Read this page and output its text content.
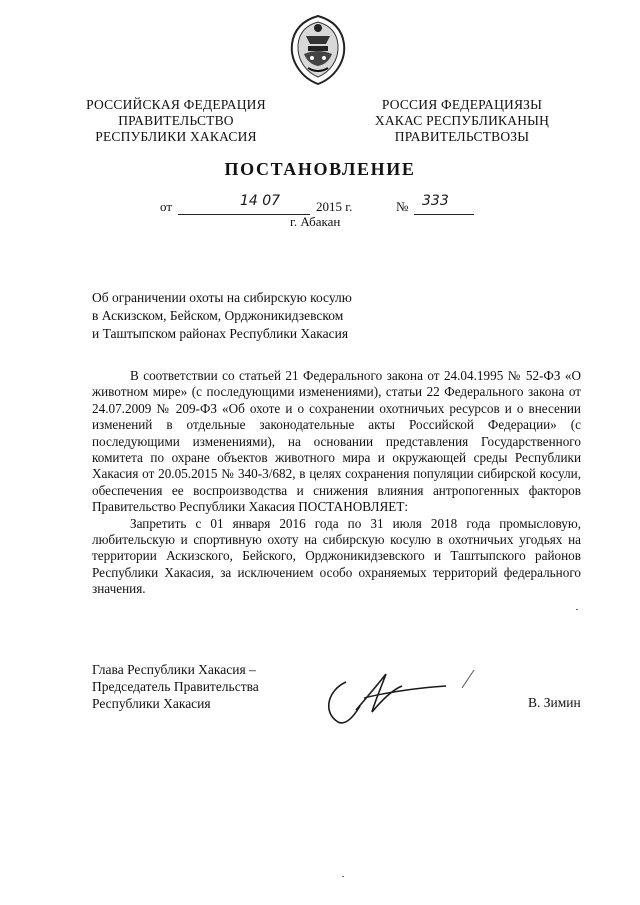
РОССИЙСКАЯ ФЕДЕРАЦИЯ
ПРАВИТЕЛЬСТВО
РЕСПУБЛИКИ ХАКАСИЯ
РОССИЯ ФЕДЕРАЦИЯЗЫ
ХАКАС РЕСПУБЛИКАНЫҢ
ПРАВИТЕЛЬСТВОЗЫ
ПОСТАНОВЛЕНИЕ
от	14 07	2015 г.	№ 333
г. Абакан
Об ограничении охоты на сибирскую косулю
в Аскизском, Бейском, Орджоникидзевском
и Таштыпском районах Республики Хакасия

В соответствии со статьей 21 Федерального закона от 24.04.1995 № 52-ФЗ «О животном мире» (с последующими изменениями), статьи 22 Федерального закона от 24.07.2009 № 209-ФЗ «Об охоте и о сохранении охотничьих ресурсов и о внесении изменений в отдельные законодательные акты Российской Федерации» (с последующими изменениями), на основании представления Государственного комитета по охране объектов животного мира и окружающей среды Республики Хакасия от 20.05.2015 № 340-3/682, в целях сохранения популяции сибирской косули, обеспечения ее воспроизводства и снижения влияния антропогенных факторов Правительство Республики Хакасия ПОСТАНОВЛЯЕТ:

Запретить с 01 января 2016 года по 31 июля 2018 года промысловую, любительскую и спортивную охоту на сибирскую косулю в охотничьих угодьях на территории Аскизского, Бейского, Орджоникидзевского и Таштыпского районов Республики Хакасия, за исключением особо охраняемых территорий федерального значения.

Глава Республики Хакасия –
Председатель Правительства
Республики Хакасия	В. Зимин
